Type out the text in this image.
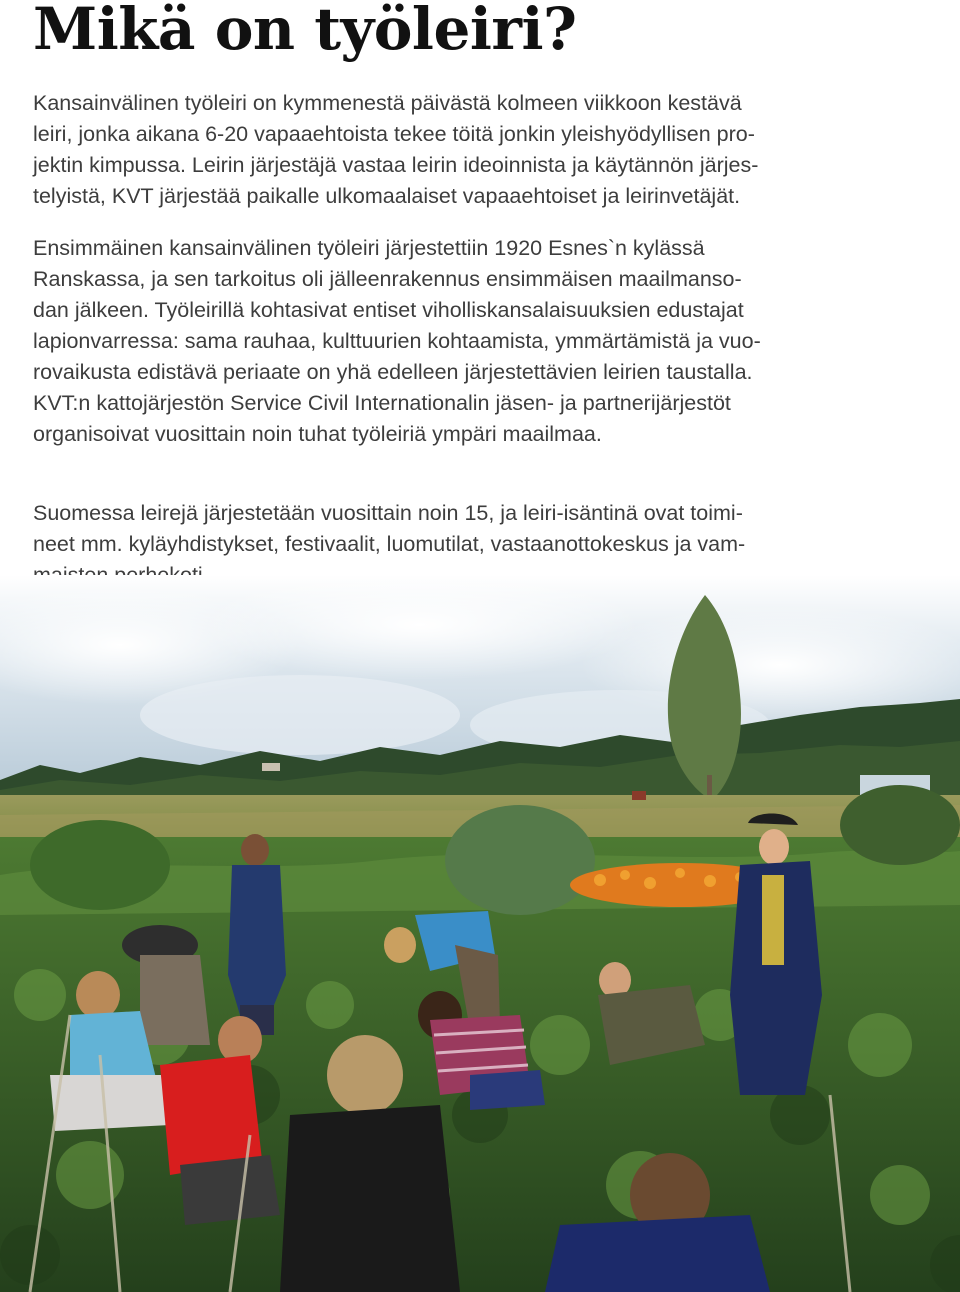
Mikä on työleiri?
Kansainvälinen työleiri on kymmenestä päivästä kolmeen viikkoon kestävä
leiri, jonka aikana 6-20 vapaaehtoista tekee töitä jonkin yleishyödyllisen pro-
jektin kimpussa. Leirin järjestäjä vastaa leirin ideoinnista ja käytännön järjes-
telyistä, KVT järjestää paikalle ulkomaalaiset vapaaehtoiset ja leirinvetäjät.
Ensimmäinen kansainvälinen työleiri järjestettiin 1920 Esnes`n kylässä
Ranskassa, ja sen tarkoitus oli jälleenrakennus ensimmäisen maailmanso-
dan jälkeen. Työleirillä kohtasivat entiset viholliskansalaisuuksien edustajat
lapionvarressa: sama rauhaa, kulttuurien kohtaamista, ymmärtämistä ja vuo-
rovaikusta edistävä periaate on yhä edelleen järjestettävien leirien taustalla.
KVT:n kattojärjestön Service Civil Internationalin jäsen- ja partnerijärjestöt
organisoivat vuosittain noin tuhat työleiriä ympäri maailmaa.
Suomessa leirejä järjestetään vuosittain noin 15, ja leiri-isäntinä ovat toimi-
neet mm. kyläyhdistykset, festivaalit, luomutilat, vastaanottokeskus ja vam-
